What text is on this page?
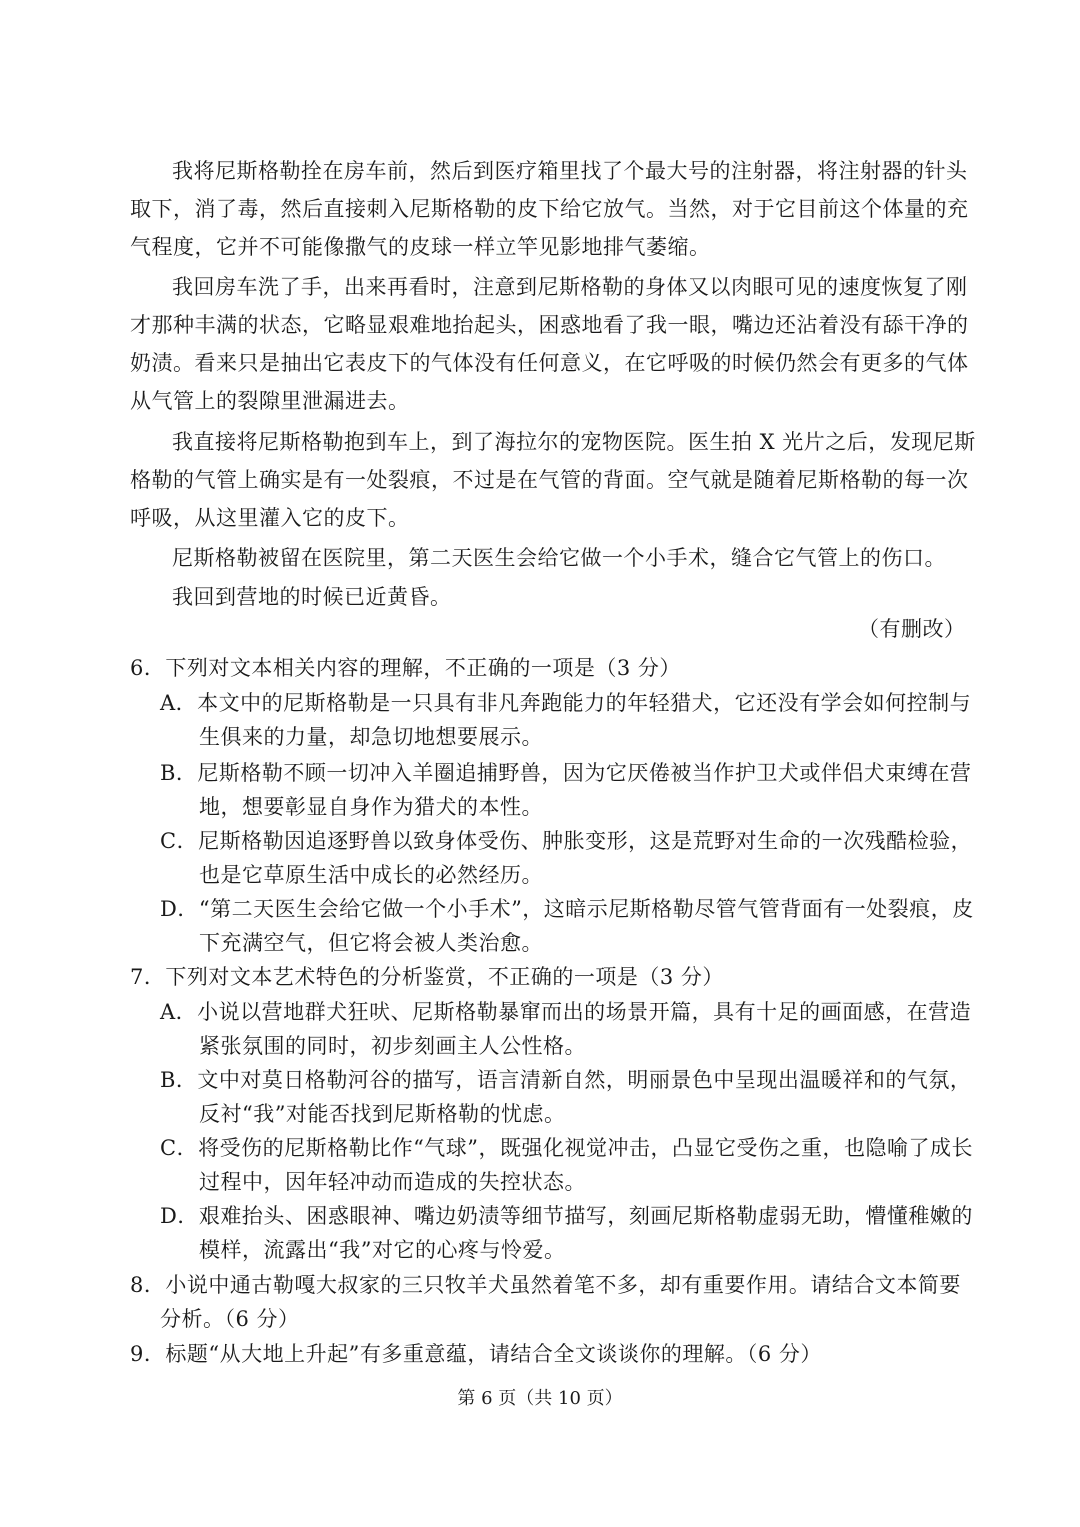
我将尼斯格勒拴在房车前，然后到医疗箱里找了个最大号的注射器，将注射器的针头
取下，消了毒，然后直接刺入尼斯格勒的皮下给它放气。当然，对于它目前这个体量的充
气程度，它并不可能像撒气的皮球一样立竿见影地排气萎缩。
我回房车洗了手，出来再看时，注意到尼斯格勒的身体又以肉眼可见的速度恢复了刚
才那种丰满的状态，它略显艰难地抬起头，困惑地看了我一眼，嘴边还沾着没有舔干净的
奶渍。看来只是抽出它表皮下的气体没有任何意义，在它呼吸的时候仍然会有更多的气体
从气管上的裂隙里泄漏进去。
我直接将尼斯格勒抱到车上，到了海拉尔的宠物医院。医生拍 X 光片之后，发现尼斯
格勒的气管上确实是有一处裂痕，不过是在气管的背面。空气就是随着尼斯格勒的每一次
呼吸，从这里灌入它的皮下。
尼斯格勒被留在医院里，第二天医生会给它做一个小手术，缝合它气管上的伤口。
我回到营地的时候已近黄昏。
（有删改）
6．下列对文本相关内容的理解，不正确的一项是（3 分）
A．本文中的尼斯格勒是一只具有非凡奔跑能力的年轻猎犬，它还没有学会如何控制与
生俱来的力量，却急切地想要展示。
B．尼斯格勒不顾一切冲入羊圈追捕野兽，因为它厌倦被当作护卫犬或伴侣犬束缚在营
地，想要彰显自身作为猎犬的本性。
C．尼斯格勒因追逐野兽以致身体受伤、肿胀变形，这是荒野对生命的一次残酷检验，
也是它草原生活中成长的必然经历。
D．“第二天医生会给它做一个小手术”，这暗示尼斯格勒尽管气管背面有一处裂痕，皮
下充满空气，但它将会被人类治愈。
7．下列对文本艺术特色的分析鉴赏，不正确的一项是（3 分）
A．小说以营地群犬狂吠、尼斯格勒暴窜而出的场景开篇，具有十足的画面感，在营造
紧张氛围的同时，初步刻画主人公性格。
B．文中对莫日格勒河谷的描写，语言清新自然，明丽景色中呈现出温暖祥和的气氛，
反衬“我”对能否找到尼斯格勒的忧虑。
C．将受伤的尼斯格勒比作“气球”，既强化视觉冲击，凸显它受伤之重，也隐喻了成长
过程中，因年轻冲动而造成的失控状态。
D．艰难抬头、困惑眼神、嘴边奶渍等细节描写，刻画尼斯格勒虚弱无助，懵懂稚嫩的
模样，流露出“我”对它的心疼与怜爱。
8．小说中通古勒嘎大叔家的三只牧羊犬虽然着笔不多，却有重要作用。请结合文本简要
分析。（6 分）
9．标题“从大地上升起”有多重意蕴，请结合全文谈谈你的理解。（6 分）
第 6 页（共 10 页）
